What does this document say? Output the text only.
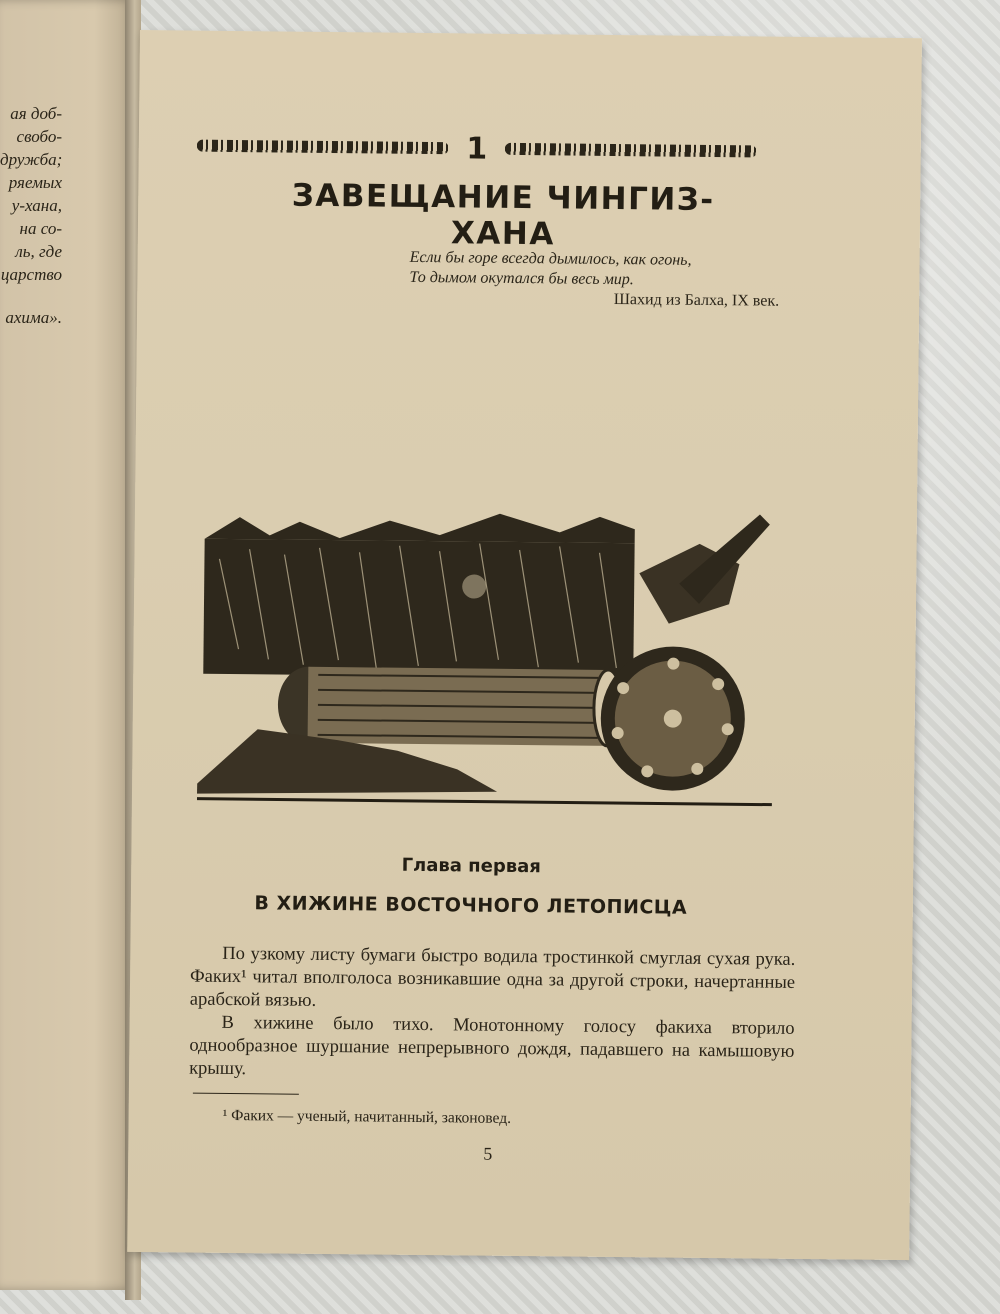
ая доб-
свобо-
дружба;
ряемых
у-хана,
на со-
ль, где
царство
ахима».
1
ЗАВЕЩАНИЕ ЧИНГИЗ-ХАНА
Если бы горе всегда дымилось, как огонь,
То дымом окутался бы весь мир.
Шахид из Балха, IX век.
Глава первая
В ХИЖИНЕ ВОСТОЧНОГО ЛЕТОПИСЦА

По узкому листу бумаги быстро водила тростинкой смуглая сухая рука. Факих¹ читал вполголоса возникавшие одна за другой строки, начертанные арабской вязью.

В хижине было тихо. Монотонному голосу факиха вторило однообразное шуршание непрерывного дождя, падавшего на камышовую крышу.

¹ Факих — ученый, начитанный, законовед.
5
